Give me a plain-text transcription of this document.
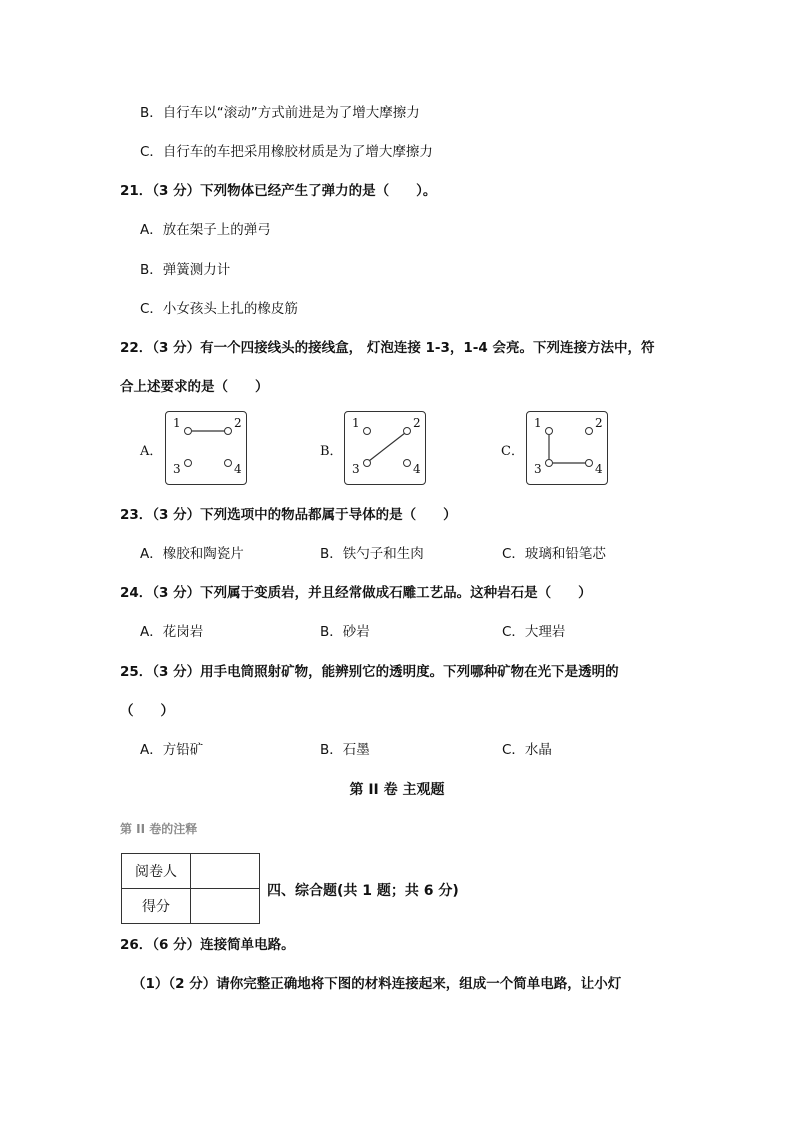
B．自行车以“滚动”方式前进是为了增大摩擦力
C．自行车的车把采用橡胶材质是为了增大摩擦力
21．（3 分）下列物体已经产生了弹力的是（　　）。
A．放在架子上的弹弓
B．弹簧测力计
C．小女孩头上扎的橡皮筋
22．（3 分）有一个四接线头的接线盒， 灯泡连接 1-3，1-4 会亮。下列连接方法中，符
合上述要求的是（　　）
A．	B．	C．
1	2
3	4
1	2
3	4
1	2
3	4
23．（3 分）下列选项中的物品都属于导体的是（　　）
A．橡胶和陶瓷片	B．铁勺子和生肉	C．玻璃和铅笔芯
24．（3 分）下列属于变质岩，并且经常做成石雕工艺品。这种岩石是（　　）
A．花岗岩	B．砂岩	C．大理岩
25．（3 分）用手电筒照射矿物，能辨别它的透明度。下列哪种矿物在光下是透明的
（　　）
A．方铅矿	B．石墨	C．水晶
第 II 卷 主观题
第 II 卷的注释
阅卷人	
得分	
四、综合题(共 1 题；共 6 分)
26．（6 分）连接简单电路。
（1）（2 分）请你完整正确地将下图的材料连接起来，组成一个简单电路，让小灯
